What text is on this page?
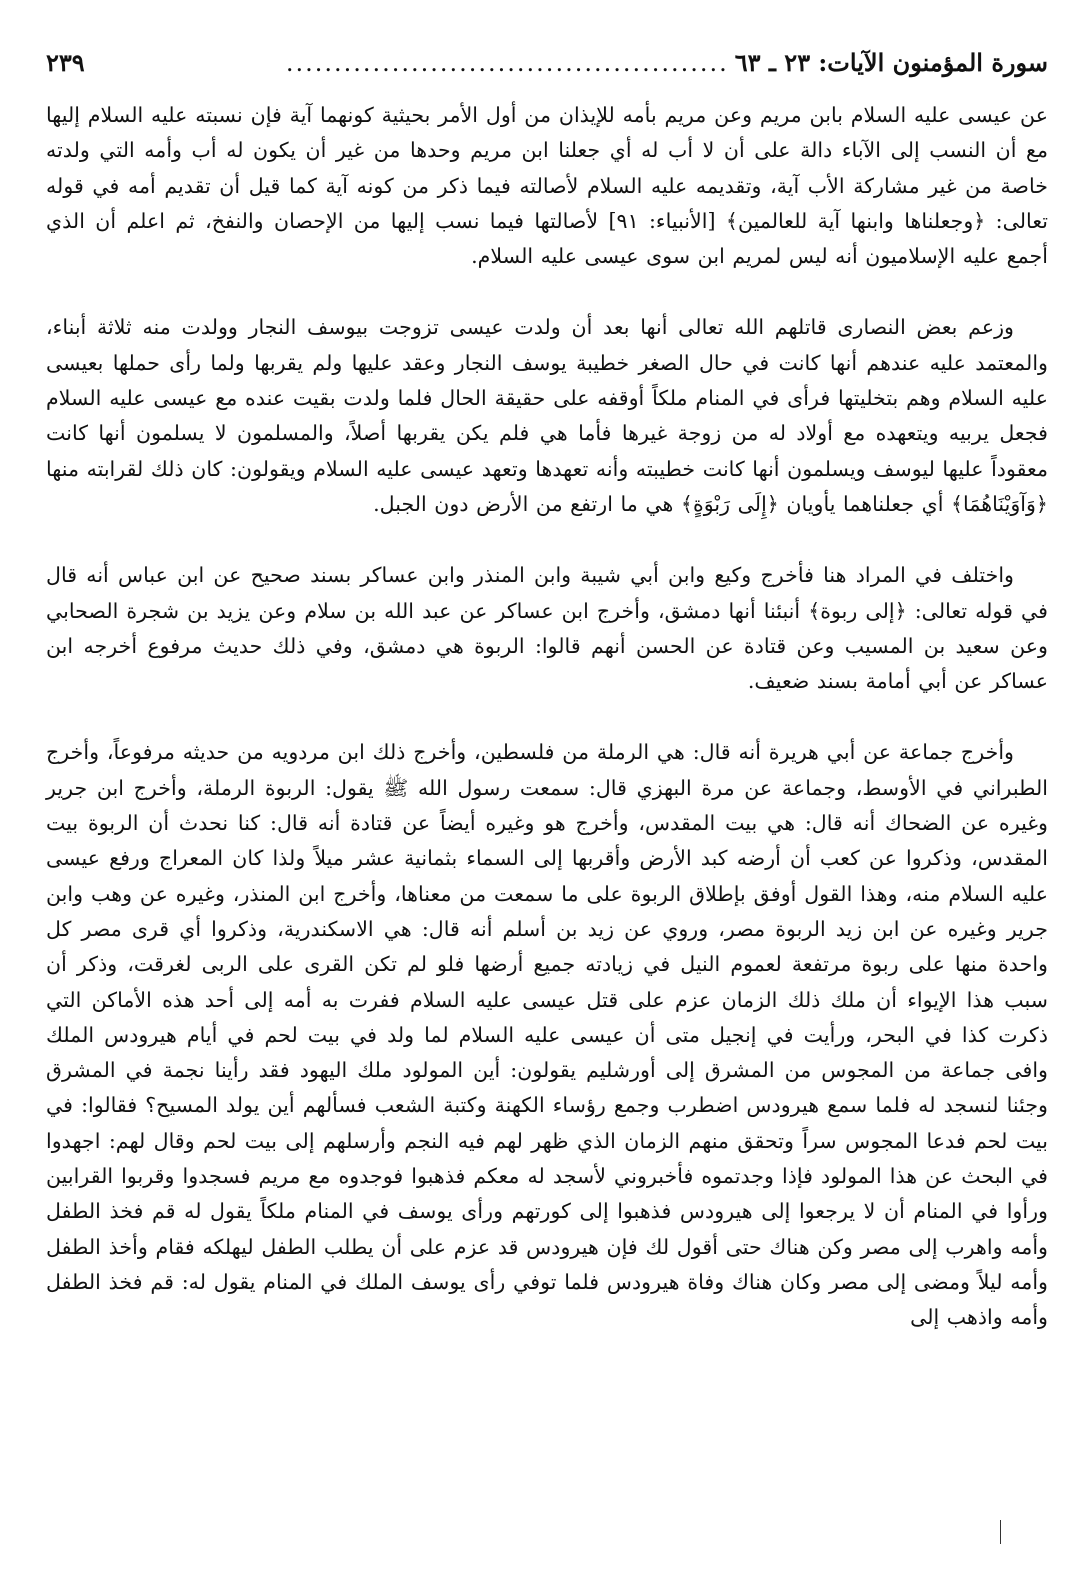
سورة المؤمنون الآيات: ٢٣ ـ ٦٣
..............................................
٢٣٩

عن عيسى عليه السلام بابن مريم وعن مريم بأمه للإيذان من أول الأمر بحيثية كونهما آية فإن نسبته عليه السلام إليها مع أن النسب إلى الآباء دالة على أن لا أب له أي جعلنا ابن مريم وحدها من غير أن يكون له أب وأمه التي ولدته خاصة من غير مشاركة الأب آية، وتقديمه عليه السلام لأصالته فيما ذكر من كونه آية كما قيل أن تقديم أمه في قوله تعالى: ﴿وجعلناها وابنها آية للعالمين﴾ [الأنبياء: ٩١] لأصالتها فيما نسب إليها من الإحصان والنفخ، ثم اعلم أن الذي أجمع عليه الإسلاميون أنه ليس لمريم ابن سوى عيسى عليه السلام.

وزعم بعض النصارى قاتلهم الله تعالى أنها بعد أن ولدت عيسى تزوجت بيوسف النجار وولدت منه ثلاثة أبناء، والمعتمد عليه عندهم أنها كانت في حال الصغر خطيبة يوسف النجار وعقد عليها ولم يقربها ولما رأى حملها بعيسى عليه السلام وهم بتخليتها فرأى في المنام ملكاً أوقفه على حقيقة الحال فلما ولدت بقيت عنده مع عيسى عليه السلام فجعل يربيه ويتعهده مع أولاد له من زوجة غيرها فأما هي فلم يكن يقربها أصلاً، والمسلمون لا يسلمون أنها كانت معقوداً عليها ليوسف ويسلمون أنها كانت خطيبته وأنه تعهدها وتعهد عيسى عليه السلام ويقولون: كان ذلك لقرابته منها ﴿وَآوَيْنَاهُمَا﴾ أي جعلناهما يأويان ﴿إِلَى رَبْوَةٍ﴾ هي ما ارتفع من الأرض دون الجبل.

واختلف في المراد هنا فأخرج وكيع وابن أبي شيبة وابن المنذر وابن عساكر بسند صحيح عن ابن عباس أنه قال في قوله تعالى: ﴿إلى ربوة﴾ أنبئنا أنها دمشق، وأخرج ابن عساكر عن عبد الله بن سلام وعن يزيد بن شجرة الصحابي وعن سعيد بن المسيب وعن قتادة عن الحسن أنهم قالوا: الربوة هي دمشق، وفي ذلك حديث مرفوع أخرجه ابن عساكر عن أبي أمامة بسند ضعيف.

وأخرج جماعة عن أبي هريرة أنه قال: هي الرملة من فلسطين، وأخرج ذلك ابن مردويه من حديثه مرفوعاً، وأخرج الطبراني في الأوسط، وجماعة عن مرة البهزي قال: سمعت رسول الله ﷺ يقول: الربوة الرملة، وأخرج ابن جرير وغيره عن الضحاك أنه قال: هي بيت المقدس، وأخرج هو وغيره أيضاً عن قتادة أنه قال: كنا نحدث أن الربوة بيت المقدس، وذكروا عن كعب أن أرضه كبد الأرض وأقربها إلى السماء بثمانية عشر ميلاً ولذا كان المعراج ورفع عيسى عليه السلام منه، وهذا القول أوفق بإطلاق الربوة على ما سمعت من معناها، وأخرج ابن المنذر، وغيره عن وهب وابن جرير وغيره عن ابن زيد الربوة مصر، وروي عن زيد بن أسلم أنه قال: هي الاسكندرية، وذكروا أي قرى مصر كل واحدة منها على ربوة مرتفعة لعموم النيل في زيادته جميع أرضها فلو لم تكن القرى على الربى لغرقت، وذكر أن سبب هذا الإيواء أن ملك ذلك الزمان عزم على قتل عيسى عليه السلام ففرت به أمه إلى أحد هذه الأماكن التي ذكرت كذا في البحر، ورأيت في إنجيل متى أن عيسى عليه السلام لما ولد في بيت لحم في أيام هيرودس الملك وافى جماعة من المجوس من المشرق إلى أورشليم يقولون: أين المولود ملك اليهود فقد رأينا نجمة في المشرق وجئنا لنسجد له فلما سمع هيرودس اضطرب وجمع رؤساء الكهنة وكتبة الشعب فسألهم أين يولد المسيح؟ فقالوا: في بيت لحم فدعا المجوس سراً وتحقق منهم الزمان الذي ظهر لهم فيه النجم وأرسلهم إلى بيت لحم وقال لهم: اجهدوا في البحث عن هذا المولود فإذا وجدتموه فأخبروني لأسجد له معكم فذهبوا فوجدوه مع مريم فسجدوا وقربوا القرابين ورأوا في المنام أن لا يرجعوا إلى هيرودس فذهبوا إلى كورتهم ورأى يوسف في المنام ملكاً يقول له قم فخذ الطفل وأمه واهرب إلى مصر وكن هناك حتى أقول لك فإن هيرودس قد عزم على أن يطلب الطفل ليهلكه فقام وأخذ الطفل وأمه ليلاً ومضى إلى مصر وكان هناك وفاة هيرودس فلما توفي رأى يوسف الملك في المنام يقول له: قم فخذ الطفل وأمه واذهب إلى
